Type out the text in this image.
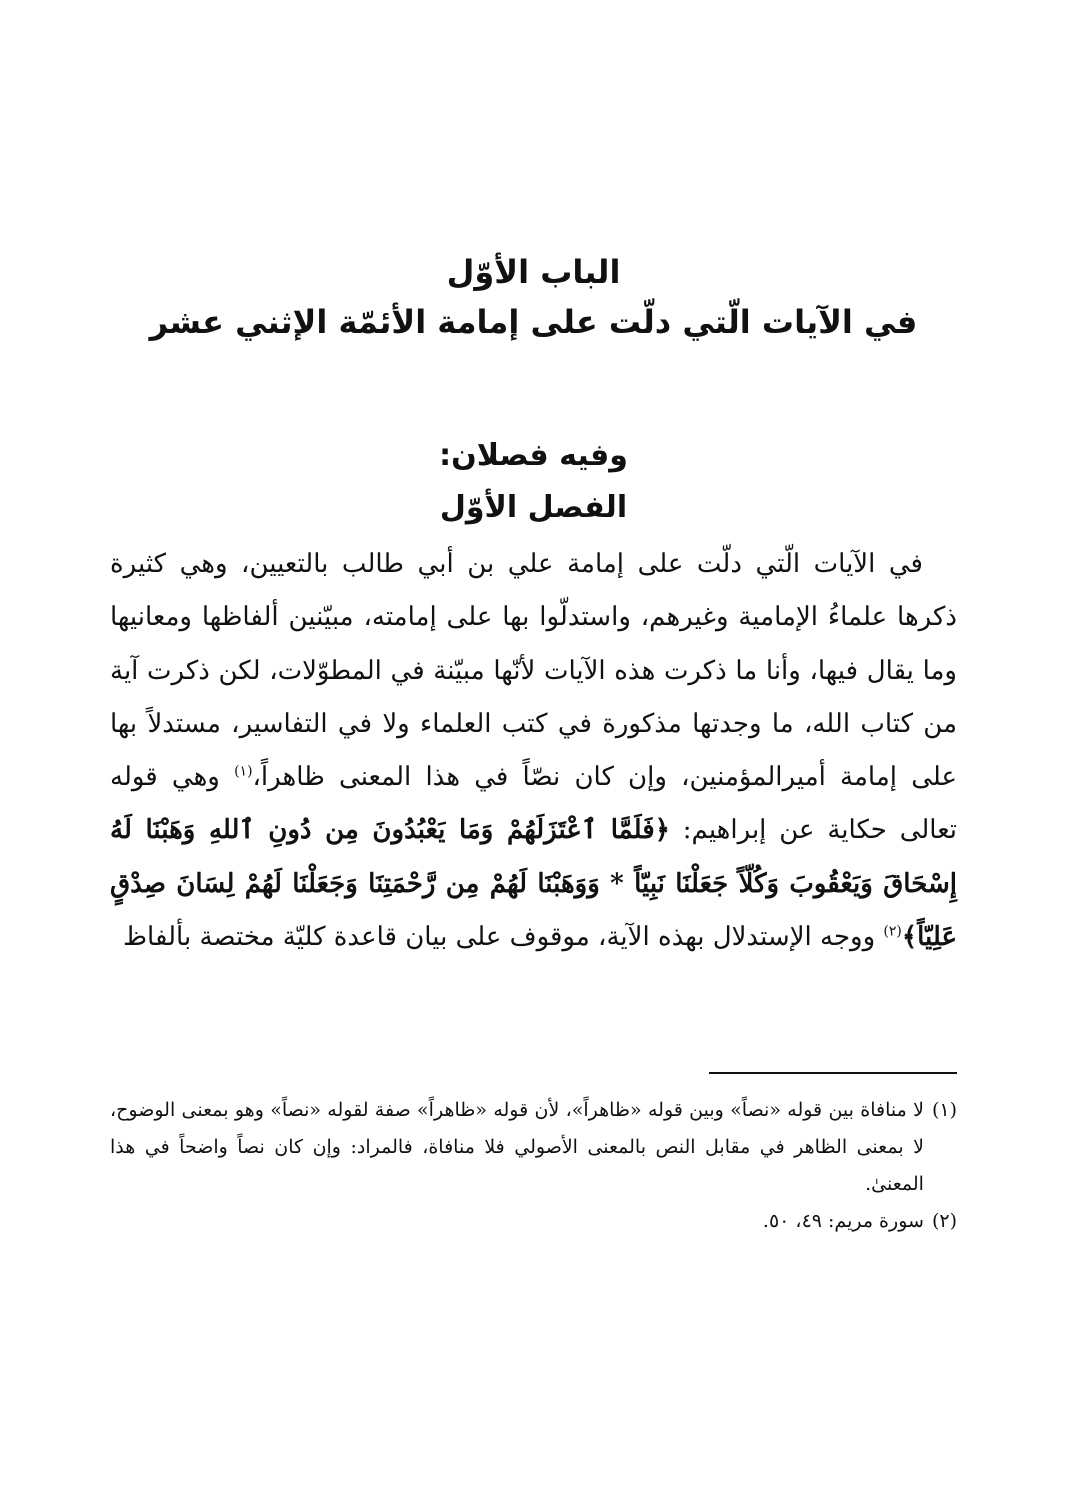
الباب الأوّل
في الآيات الّتي دلّت على إمامة الأئمّة الإثني عشر
وفيه فصلان:
الفصل الأوّل

في الآيات الّتي دلّت على إمامة علي بن أبي طالب بالتعيين، وهي كثيرة ذكرها علماءُ الإمامية وغيرهم، واستدلّوا بها على إمامته، مبيّنين ألفاظها ومعانيها وما يقال فيها، وأنا ما ذكرت هذه الآيات لأنّها مبيّنة في المطوّلات، لكن ذكرت آية من كتاب الله، ما وجدتها مذكورة في كتب العلماء ولا في التفاسير، مستدلاً بها على إمامة أميرالمؤمنين، وإن كان نصّاً في هذا المعنى ظاهراً،$^{(١)}$ وهي قوله تعالى حكاية عن إبراهيم: ﴿فَلَمَّا ٱعْتَزَلَهُمْ وَمَا يَعْبُدُونَ مِن دُونِ ٱللهِ وَهَبْنَا لَهُ إِسْحَاقَ وَيَعْقُوبَ وَكُلّاً جَعَلْنَا نَبِيّاً * وَوَهَبْنَا لَهُمْ مِن رَّحْمَتِنَا وَجَعَلْنَا لَهُمْ لِسَانَ صِدْقٍ عَلِيّاً﴾$^{(٢)}$ ووجه الإستدلال بهذه الآية، موقوف على بيان قاعدة كليّة مختصة بألفاظ

(١)
لا منافاة بين قوله «نصاً» وبين قوله «ظاهراً»، لأن قوله «ظاهراً» صفة لقوله «نصاً» وهو بمعنى الوضوح، لا بمعنى الظاهر في مقابل النص بالمعنى الأصولي فلا منافاة، فالمراد: وإن كان نصاً واضحاً في هذا المعنىٰ.

(٢)
سورة مريم: ٤٩، ٥٠.
